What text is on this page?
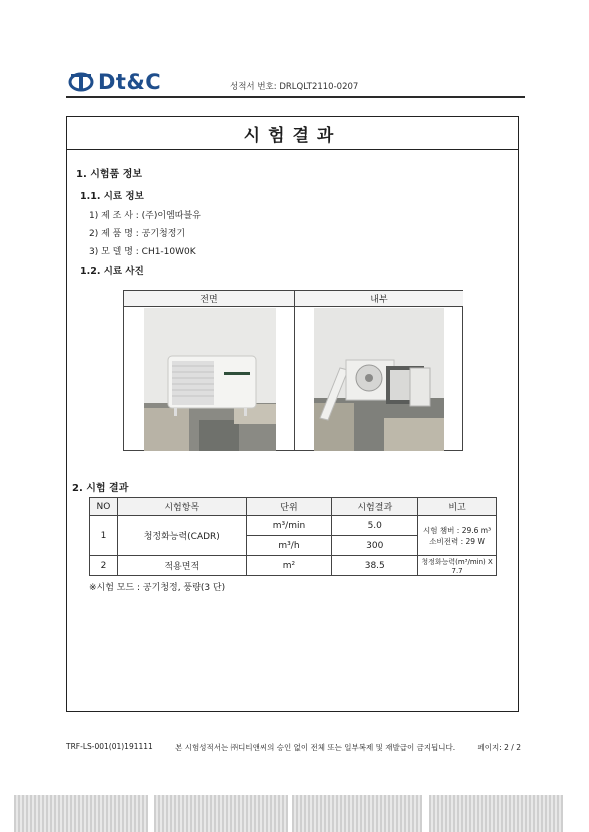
Dt&C	성적서 번호: DRLQLT2110-0207
시험결과
1. 시험품 정보
1.1. 시료 정보
1) 제 조 사 : (주)이엠따블유
2) 제 품 명 : 공기청정기
3) 모 델 명 : CH1-10W0K
1.2. 시료 사진
전면	내부
2. 시험 결과
NO	시험항목	단위	시험결과	비고
1	청정화능력(CADR)	m³/min	5.0	시험 챔버 : 29.6 m³
소비전력 : 29 W

		m³/h	300	
2	적용면적	m²	38.5	청정화능력(m³/min) X 7.7
※시험 모드 : 공기청정, 풍량(3 단)
TRF-LS-001(01)191111	본 시험성적서는 ㈜디티앤씨의 승인 없이 전체 또는 일부복제 및 재발급이 금지됩니다.	페이지: 2 / 2
